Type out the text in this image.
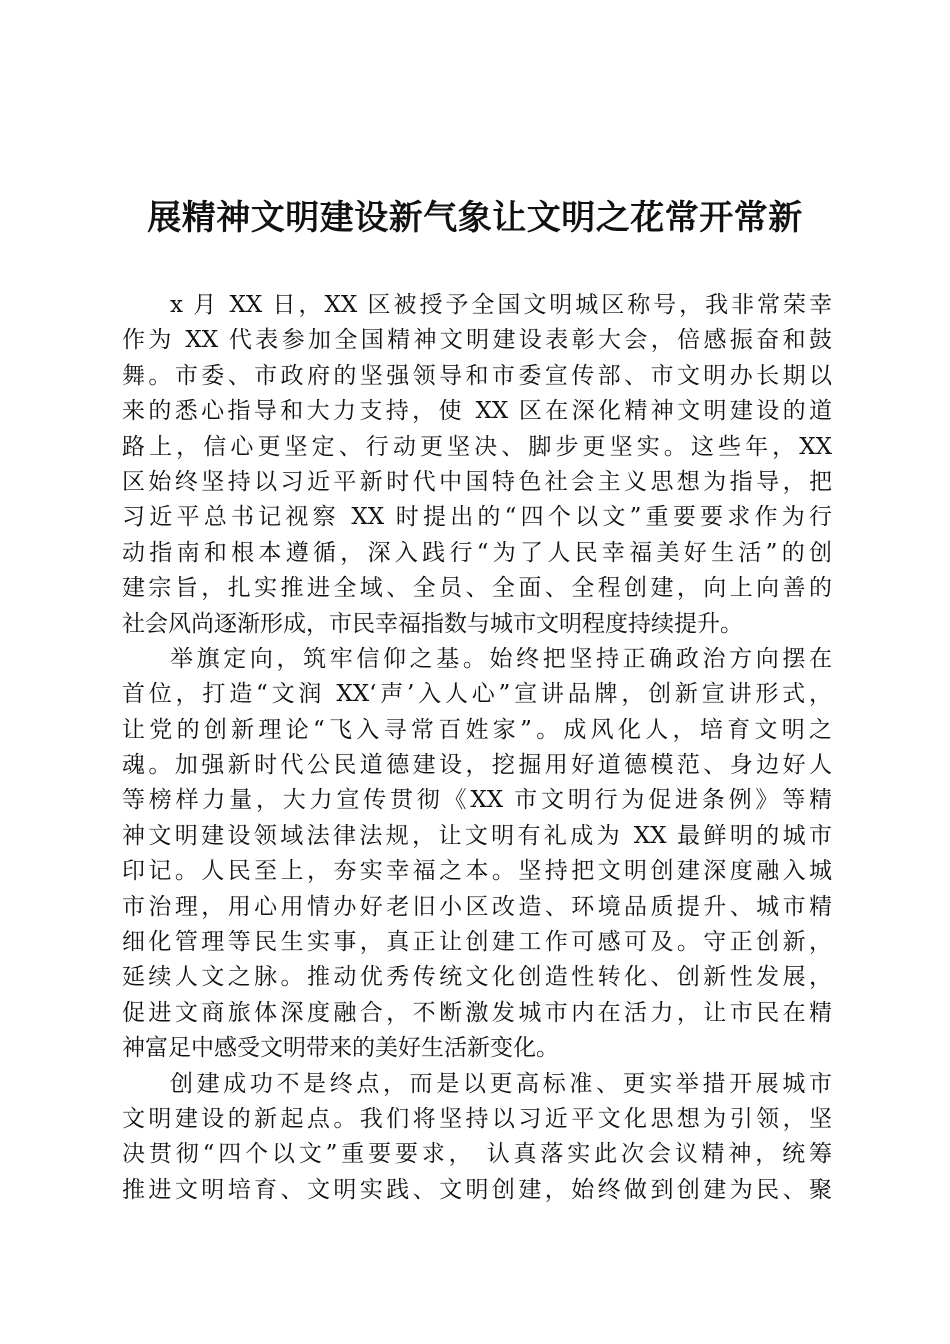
展精神文明建设新气象让文明之花常开常新
x 月 XX 日，XX 区被授予全国文明城区称号，我非常荣幸
作为 XX 代表参加全国精神文明建设表彰大会，倍感振奋和鼓
舞。市委、市政府的坚强领导和市委宣传部、市文明办长期以
来的悉心指导和大力支持，使 XX 区在深化精神文明建设的道
路上，信心更坚定、行动更坚决、脚步更坚实。这些年，XX
区始终坚持以习近平新时代中国特色社会主义思想为指导，把
习近平总书记视察 XX 时提出的“四个以文”重要要求作为行
动指南和根本遵循，深入践行“为了人民幸福美好生活”的创
建宗旨，扎实推进全域、全员、全面、全程创建，向上向善的
社会风尚逐渐形成，市民幸福指数与城市文明程度持续提升。
举旗定向，筑牢信仰之基。始终把坚持正确政治方向摆在
首位，打造“文润 XX‘声’入人心”宣讲品牌，创新宣讲形式，
让党的创新理论“飞入寻常百姓家”。成风化人，培育文明之
魂。加强新时代公民道德建设，挖掘用好道德模范、身边好人
等榜样力量，大力宣传贯彻《XX 市文明行为促进条例》等精
神文明建设领域法律法规，让文明有礼成为 XX 最鲜明的城市
印记。人民至上，夯实幸福之本。坚持把文明创建深度融入城
市治理，用心用情办好老旧小区改造、环境品质提升、城市精
细化管理等民生实事，真正让创建工作可感可及。守正创新，
延续人文之脉。推动优秀传统文化创造性转化、创新性发展，
促进文商旅体深度融合，不断激发城市内在活力，让市民在精
神富足中感受文明带来的美好生活新变化。
创建成功不是终点，而是以更高标准、更实举措开展城市
文明建设的新起点。我们将坚持以习近平文化思想为引领，坚
决贯彻“四个以文”重要要求， 认真落实此次会议精神，统筹
推进文明培育、文明实践、文明创建，始终做到创建为民、聚
